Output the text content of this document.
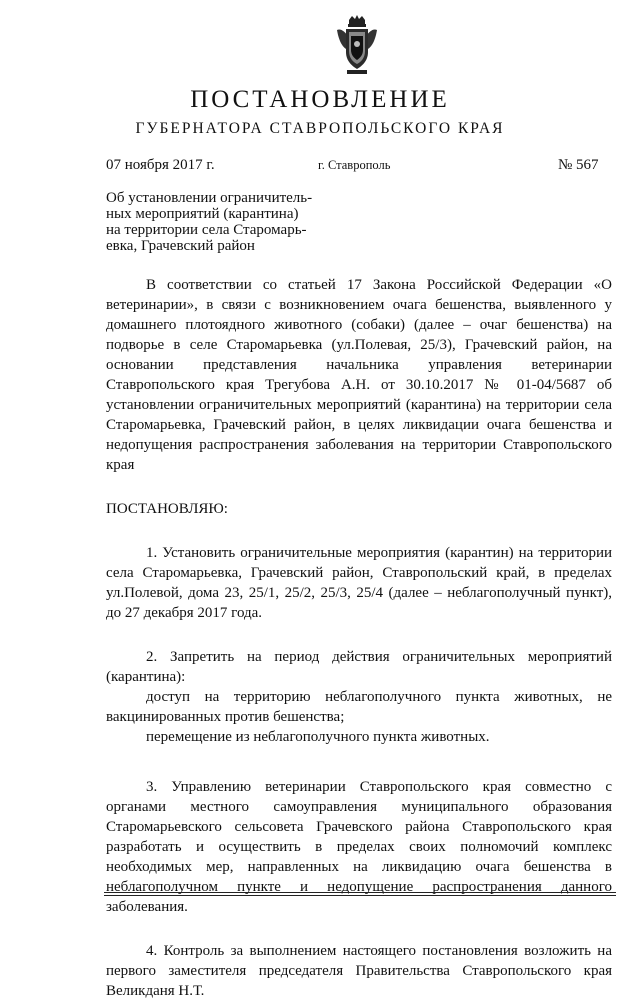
ПОСТАНОВЛЕНИЕ
ГУБЕРНАТОРА СТАВРОПОЛЬСКОГО КРАЯ
07 ноября 2017 г.	г. Ставрополь	№ 567
Об установлении ограничитель-
ных мероприятий (карантина)
на территории села Старомарь-
евка, Грачевский район
В соответствии со статьей 17 Закона Российской Федерации «О ветеринарии», в связи с возникновением очага бешенства, выявленного у домашнего плотоядного животного (собаки) (далее – очаг бешенства) на подворье в селе Старомарьевка (ул.Полевая, 25/3), Грачевский район, на основании представления начальника управления ветеринарии Ставропольского края Трегубова А.Н. от 30.10.2017 № 01-04/5687 об установлении ограничительных мероприятий (карантина) на территории села Старомарьевка, Грачевский район, в целях ликвидации очага бешенства и недопущения распространения заболевания на территории Ставропольского края
ПОСТАНОВЛЯЮ:
1. Установить ограничительные мероприятия (карантин) на территории села Старомарьевка, Грачевский район, Ставропольский край, в пределах ул.Полевой, дома 23, 25/1, 25/2, 25/3, 25/4 (далее – неблагополучный пункт), до 27 декабря 2017 года.
2. Запретить на период действия ограничительных мероприятий (карантина):
доступ на территорию неблагополучного пункта животных, не вакцинированных против бешенства;
перемещение из неблагополучного пункта животных.
3. Управлению ветеринарии Ставропольского края совместно с органами местного самоуправления муниципального образования Старомарьевского сельсовета Грачевского района Ставропольского края разработать и осуществить в пределах своих полномочий комплекс необходимых мер, направленных на ликвидацию очага бешенства в неблагополучном пункте и недопущение распространения данного заболевания.
4. Контроль за выполнением настоящего постановления возложить на первого заместителя председателя Правительства Ставропольского края Великданя Н.Т.
